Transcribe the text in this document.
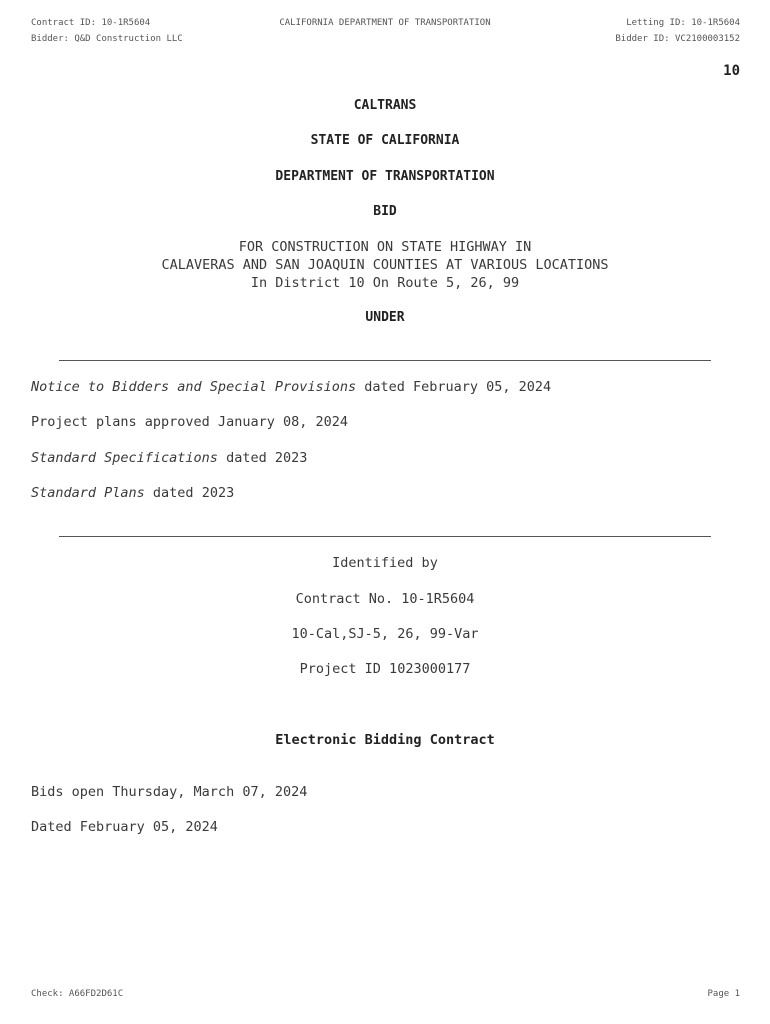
Contract ID: 10-1R5604	CALIFORNIA DEPARTMENT OF TRANSPORTATION	Letting ID: 10-1R5604
Bidder: Q&D Construction LLC	Bidder ID: VC2100003152
10
CALTRANS
STATE OF CALIFORNIA
DEPARTMENT OF TRANSPORTATION
BID
FOR CONSTRUCTION ON STATE HIGHWAY IN
CALAVERAS AND SAN JOAQUIN COUNTIES AT VARIOUS LOCATIONS
In District 10 On Route 5, 26, 99
UNDER
Notice to Bidders and Special Provisions dated February 05, 2024
Project plans approved January 08, 2024
Standard Specifications dated 2023
Standard Plans dated 2023
Identified by
Contract No. 10-1R5604
10-Cal,SJ-5, 26, 99-Var
Project ID 1023000177
Electronic Bidding Contract
Bids open Thursday, March 07, 2024
Dated February 05, 2024
Check: A66FD2D61C	Page 1
